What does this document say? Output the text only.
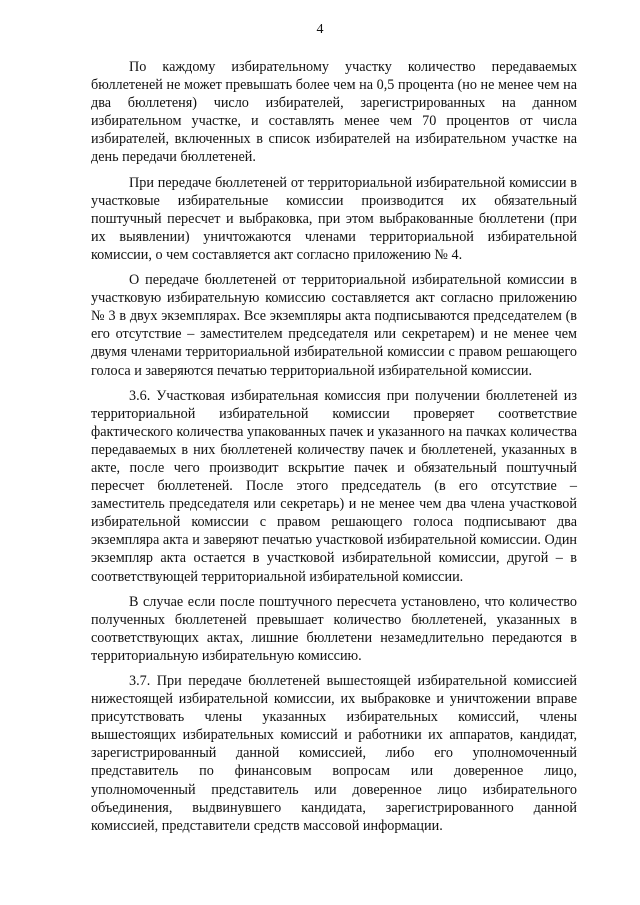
4

По каждому избирательному участку количество передаваемых бюллетеней не может превышать более чем на 0,5 процента (но не менее чем на два бюллетеня) число избирателей, зарегистрированных на данном избирательном участке, и составлять менее чем 70 процентов от числа избирателей, включенных в список избирателей на избирательном участке на день передачи бюллетеней.

При передаче бюллетеней от территориальной избирательной комиссии в участковые избирательные комиссии производится их обязательный поштучный пересчет и выбраковка, при этом выбракованные бюллетени (при их выявлении) уничтожаются членами территориальной избирательной комиссии, о чем составляется акт согласно приложению № 4.

О передаче бюллетеней от территориальной избирательной комиссии в участковую избирательную комиссию составляется акт согласно приложению № 3 в двух экземплярах. Все экземпляры акта подписываются председателем (в его отсутствие – заместителем председателя или секретарем) и не менее чем двумя членами территориальной избирательной комиссии с правом решающего голоса и заверяются печатью территориальной избирательной комиссии.

3.6. Участковая избирательная комиссия при получении бюллетеней из территориальной избирательной комиссии проверяет соответствие фактического количества упакованных пачек и указанного на пачках количества передаваемых в них бюллетеней количеству пачек и бюллетеней, указанных в акте, после чего производит вскрытие пачек и обязательный поштучный пересчет бюллетеней. После этого председатель (в его отсутствие – заместитель председателя или секретарь) и не менее чем два члена участковой избирательной комиссии с правом решающего голоса подписывают два экземпляра акта и заверяют печатью участковой избирательной комиссии. Один экземпляр акта остается в участковой избирательной комиссии, другой – в соответствующей территориальной избирательной комиссии.

В случае если после поштучного пересчета установлено, что количество полученных бюллетеней превышает количество бюллетеней, указанных в соответствующих актах, лишние бюллетени незамедлительно передаются в территориальную избирательную комиссию.

3.7. При передаче бюллетеней вышестоящей избирательной комиссией нижестоящей избирательной комиссии, их выбраковке и уничтожении вправе присутствовать члены указанных избирательных комиссий, члены вышестоящих избирательных комиссий и работники их аппаратов, кандидат, зарегистрированный данной комиссией, либо его уполномоченный представитель по финансовым вопросам или доверенное лицо, уполномоченный представитель или доверенное лицо избирательного объединения, выдвинувшего кандидата, зарегистрированного данной комиссией, представители средств массовой информации.
